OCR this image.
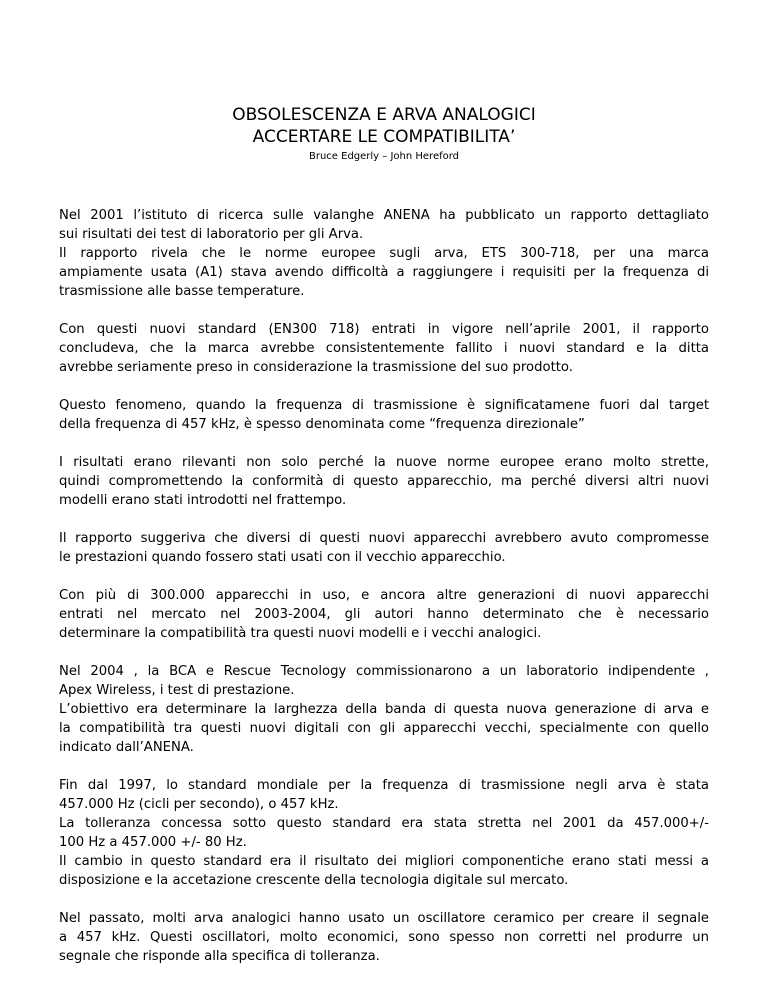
OBSOLESCENZA E ARVA ANALOGICI
ACCERTARE LE COMPATIBILITA’
Bruce Edgerly – John Hereford
Nel 2001 l’istituto di ricerca sulle valanghe ANENA ha pubblicato un rapporto dettagliato
sui risultati dei test di laboratorio per gli Arva.
Il rapporto rivela che le norme europee sugli arva, ETS 300-718, per una marca
ampiamente usata (A1) stava avendo difficoltà a raggiungere i requisiti per la frequenza di
trasmissione alle basse temperature.
Con questi nuovi standard (EN300 718) entrati in vigore nell’aprile 2001, il rapporto
concludeva, che la marca avrebbe consistentemente fallito i nuovi standard e la ditta
avrebbe seriamente preso in considerazione la trasmissione del suo prodotto.
Questo fenomeno, quando la frequenza di trasmissione è significatamene fuori dal target
della frequenza di 457 kHz, è spesso denominata come “frequenza direzionale”
I risultati erano rilevanti non solo perché la nuove norme europee erano molto strette,
quindi compromettendo la conformità di questo apparecchio, ma perché diversi altri nuovi
modelli erano stati introdotti nel frattempo.
Il rapporto suggeriva che diversi di questi nuovi apparecchi avrebbero avuto compromesse
le prestazioni quando fossero stati usati con il vecchio apparecchio.
Con più di 300.000 apparecchi in uso, e ancora altre generazioni di nuovi apparecchi
entrati nel mercato nel 2003-2004, gli autori hanno determinato che è necessario
determinare la compatibilità tra questi nuovi modelli e i vecchi analogici.
Nel 2004 , la BCA e Rescue Tecnology commissionarono a un laboratorio indipendente ,
Apex Wireless, i test di prestazione.
L’obiettivo era determinare la larghezza della banda di questa nuova generazione di arva e
la compatibilità tra questi nuovi digitali con gli apparecchi vecchi, specialmente con quello
indicato dall’ANENA.
Fin dal 1997, lo standard mondiale per la frequenza di trasmissione negli arva è stata
457.000 Hz (cicli per secondo), o 457 kHz.
La tolleranza concessa sotto questo standard era stata stretta nel 2001 da 457.000+/-
100 Hz a 457.000 +/- 80 Hz.
Il cambio in questo standard era il risultato dei migliori componentiche erano stati messi a
disposizione e la accetazione crescente della tecnologia digitale sul mercato.
Nel passato, molti arva analogici hanno usato un oscillatore ceramico per creare il segnale
a 457 kHz. Questi oscillatori, molto economici, sono spesso non corretti nel produrre un
segnale che risponde alla specifica di tolleranza.
